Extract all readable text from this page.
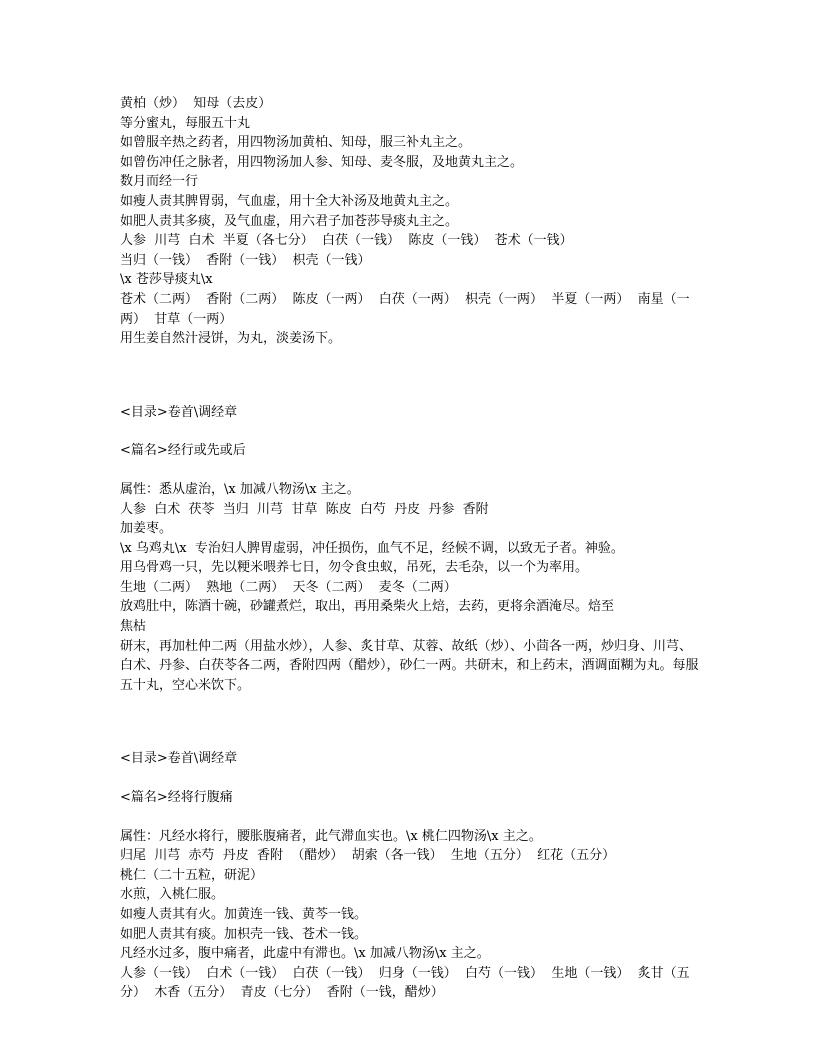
黄柏（炒）  知母（去皮）

等分蜜丸，每服五十丸

如曾服辛热之药者，用四物汤加黄柏、知母，服三补丸主之。

如曾伤冲任之脉者，用四物汤加人参、知母、麦冬服，及地黄丸主之。

数月而经一行

如瘦人责其脾胃弱，气血虚，用十全大补汤及地黄丸主之。

如肥人责其多痰，及气血虚，用六君子加苍莎导痰丸主之。

人参  川芎  白术  半夏（各七分）  白茯（一钱）  陈皮（一钱）  苍术（一钱）

当归（一钱）  香附（一钱）  枳壳（一钱）

\x 苍莎导痰丸\x

苍术（二两）  香附（二两）  陈皮（一两）  白茯（一两）  枳壳（一两）  半夏（一两）  南星（一两）  甘草（一两）

用生姜自然汁浸饼，为丸，淡姜汤下。

<目录>卷首\调经章

<篇名>经行或先或后

属性：悉从虚治，\x 加减八物汤\x 主之。

人参  白术  茯苓  当归  川芎  甘草  陈皮  白芍  丹皮  丹参  香附

加姜枣。

\x 乌鸡丸\x  专治妇人脾胃虚弱，冲任损伤，血气不足，经候不调，以致无子者。神验。

用乌骨鸡一只，先以粳米喂养七日，勿令食虫蚁，吊死，去毛杂，以一个为率用。

生地（二两）  熟地（二两）  天冬（二两）  麦冬（二两）

放鸡肚中，陈酒十碗，砂罐煮烂，取出，再用桑柴火上焙，去药，更将余酒淹尽。焙至

焦枯

研末，再加杜仲二两（用盐水炒），人参、炙甘草、苁蓉、故纸（炒）、小茴各一两，炒归身、川芎、白术、丹参、白茯苓各二两，香附四两（醋炒），砂仁一两。共研末，和上药末，酒调面糊为丸。每服五十丸，空心米饮下。

<目录>卷首\调经章

<篇名>经将行腹痛

属性：凡经水将行，腰胀腹痛者，此气滞血实也。\x 桃仁四物汤\x 主之。

归尾  川芎  赤芍  丹皮  香附  （醋炒）  胡索（各一钱）  生地（五分）  红花（五分）

桃仁（二十五粒，研泥）

水煎，入桃仁服。

如瘦人责其有火。加黄连一钱、黄芩一钱。

如肥人责其有痰。加枳壳一钱、苍术一钱。

凡经水过多，腹中痛者，此虚中有滞也。\x 加减八物汤\x 主之。

人参（一钱）  白术（一钱）  白茯（一钱）  归身（一钱）  白芍（一钱）  生地（一钱）  炙甘（五分）  木香（五分）  青皮（七分）  香附（一钱，醋炒）
